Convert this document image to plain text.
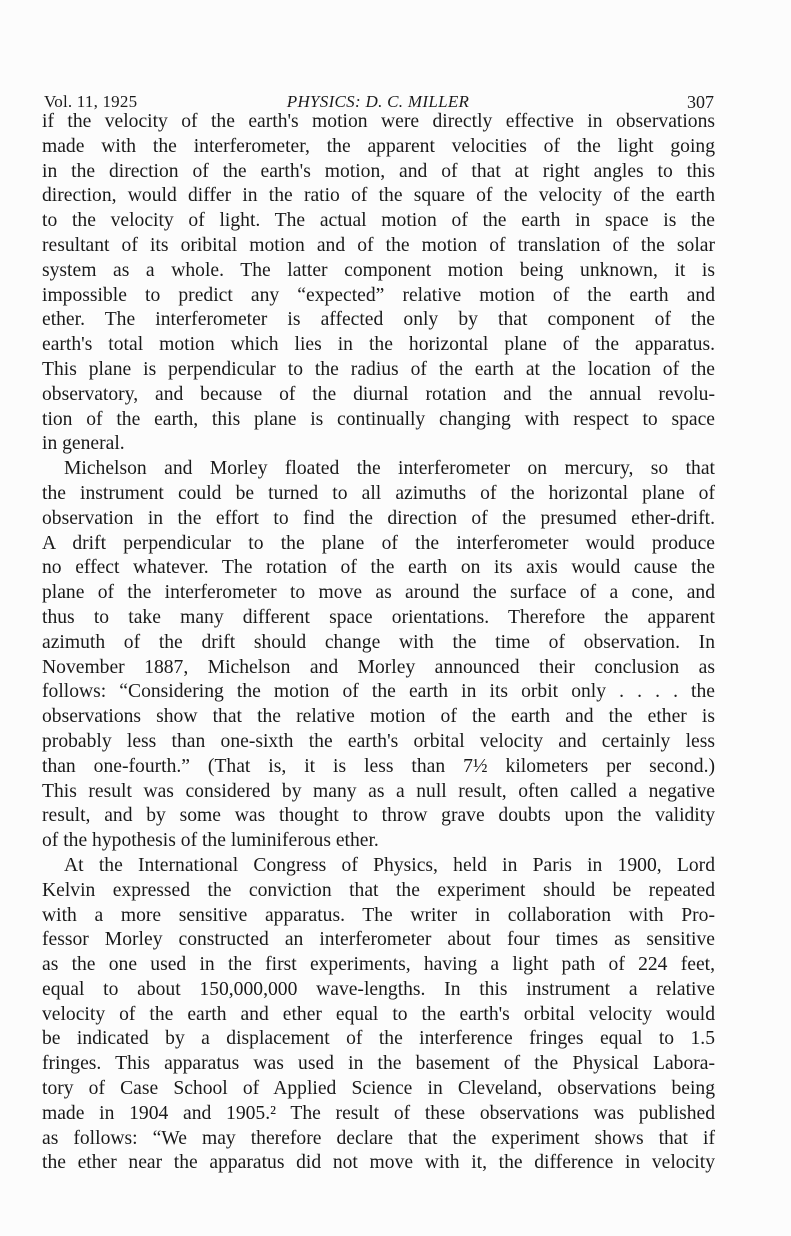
Vol. 11, 1925	PHYSICS: D. C. MILLER	307
if the velocity of the earth's motion were directly effective in observations
made with the interferometer, the apparent velocities of the light going
in the direction of the earth's motion, and of that at right angles to this
direction, would differ in the ratio of the square of the velocity of the earth
to the velocity of light. The actual motion of the earth in space is the
resultant of its oribital motion and of the motion of translation of the solar
system as a whole. The latter component motion being unknown, it is
impossible to predict any “expected” relative motion of the earth and
ether. The interferometer is affected only by that component of the
earth's total motion which lies in the horizontal plane of the apparatus.
This plane is perpendicular to the radius of the earth at the location of the
observatory, and because of the diurnal rotation and the annual revolu-
tion of the earth, this plane is continually changing with respect to space
in general.
Michelson and Morley floated the interferometer on mercury, so that
the instrument could be turned to all azimuths of the horizontal plane of
observation in the effort to find the direction of the presumed ether-drift.
A drift perpendicular to the plane of the interferometer would produce
no effect whatever. The rotation of the earth on its axis would cause the
plane of the interferometer to move as around the surface of a cone, and
thus to take many different space orientations. Therefore the apparent
azimuth of the drift should change with the time of observation. In
November 1887, Michelson and Morley announced their conclusion as
follows: “Considering the motion of the earth in its orbit only . . . . the
observations show that the relative motion of the earth and the ether is
probably less than one-sixth the earth's orbital velocity and certainly less
than one-fourth.” (That is, it is less than 7½ kilometers per second.)
This result was considered by many as a null result, often called a negative
result, and by some was thought to throw grave doubts upon the validity
of the hypothesis of the luminiferous ether.
At the International Congress of Physics, held in Paris in 1900, Lord
Kelvin expressed the conviction that the experiment should be repeated
with a more sensitive apparatus. The writer in collaboration with Pro-
fessor Morley constructed an interferometer about four times as sensitive
as the one used in the first experiments, having a light path of 224 feet,
equal to about 150,000,000 wave-lengths. In this instrument a relative
velocity of the earth and ether equal to the earth's orbital velocity would
be indicated by a displacement of the interference fringes equal to 1.5
fringes. This apparatus was used in the basement of the Physical Labora-
tory of Case School of Applied Science in Cleveland, observations being
made in 1904 and 1905.² The result of these observations was published
as follows: “We may therefore declare that the experiment shows that if
the ether near the apparatus did not move with it, the difference in velocity
